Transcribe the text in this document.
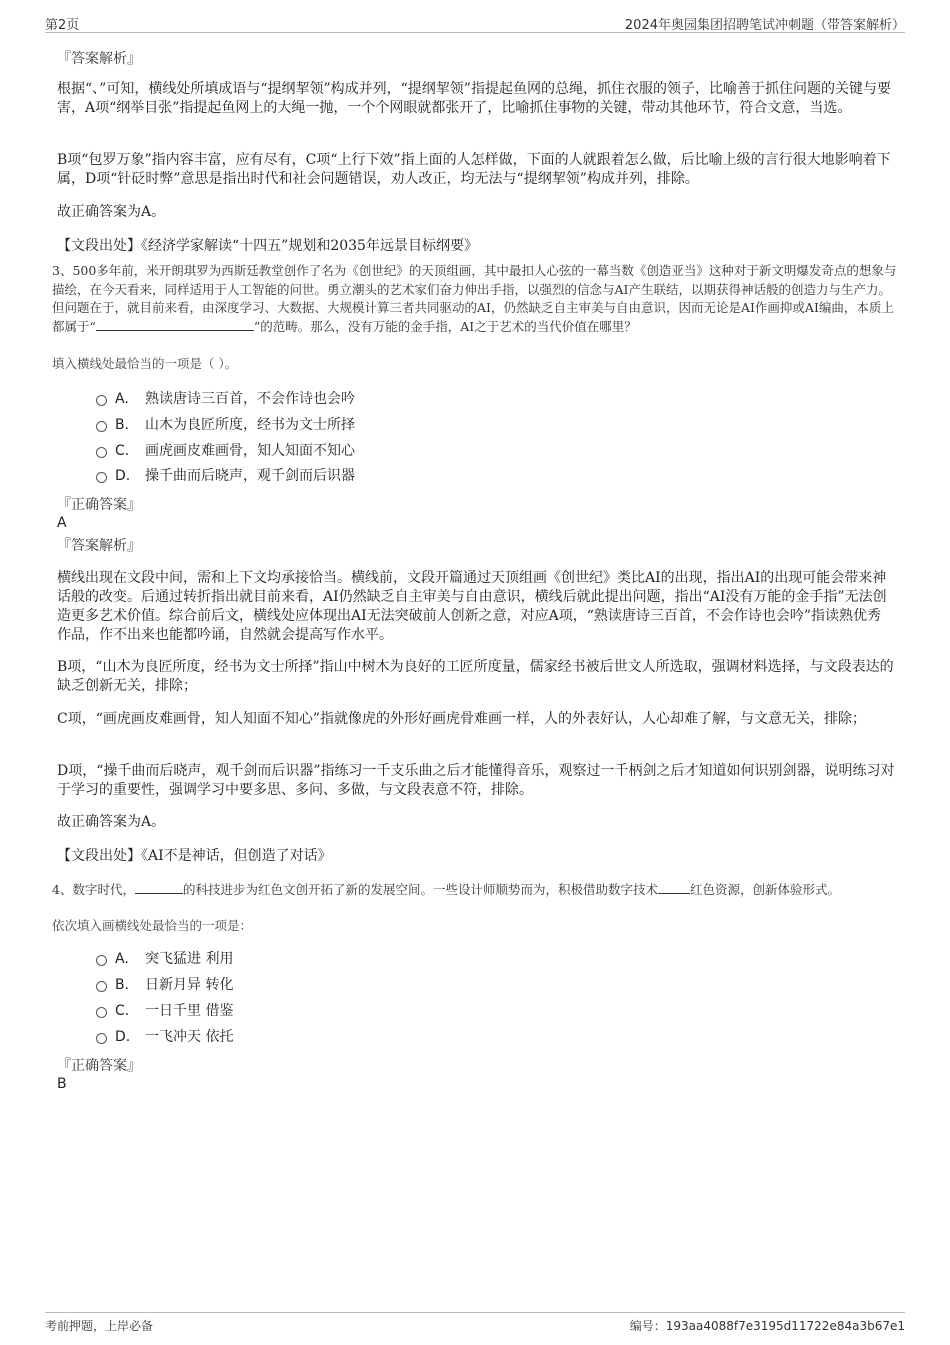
第2页	2024年奥园集团招聘笔试冲刺题（带答案解析）
『答案解析』
根据“、”可知，横线处所填成语与“提纲挈领”构成并列，“提纲挈领”指提起鱼网的总绳，抓住衣服的领子，比喻善于抓住问题的关键与要害，A项“纲举目张”指提起鱼网上的大绳一抛，一个个网眼就都张开了，比喻抓住事物的关键，带动其他环节，符合文意，当选。
B项“包罗万象”指内容丰富，应有尽有，C项“上行下效”指上面的人怎样做，下面的人就跟着怎么做，后比喻上级的言行很大地影响着下属，D项“针砭时弊”意思是指出时代和社会问题错误，劝人改正，均无法与“提纲挈领”构成并列，排除。
故正确答案为A。
【文段出处】《经济学家解读“十四五”规划和2035年远景目标纲要》
3、500多年前，米开朗琪罗为西斯廷教堂创作了名为《创世纪》的天顶组画，其中最扣人心弦的一幕当数《创造亚当》这种对于新文明爆发奇点的想象与描绘，在今天看来，同样适用于人工智能的问世。勇立潮头的艺术家们奋力伸出手指，以强烈的信念与AI产生联结，以期获得神话般的创造力与生产力。但问题在于，就目前来看，由深度学习、大数据、大规模计算三者共同驱动的AI，仍然缺乏自主审美与自由意识，因而无论是AI作画抑或AI编曲，本质上都属于“	”的范畴。那么，没有万能的金手指，AI之于艺术的当代价值在哪里？
填入横线处最恰当的一项是（ ）。
A. 熟读唐诗三百首，不会作诗也会吟
B. 山木为良匠所度，经书为文士所择
C. 画虎画皮难画骨，知人知面不知心
D. 操千曲而后晓声，观千剑而后识器
『正确答案』
A
『答案解析』
横线出现在文段中间，需和上下文均承接恰当。横线前，文段开篇通过天顶组画《创世纪》类比AI的出现，指出AI的出现可能会带来神话般的改变。后通过转折指出就目前来看，AI仍然缺乏自主审美与自由意识，横线后就此提出问题，指出“AI没有万能的金手指”无法创造更多艺术价值。综合前后文，横线处应体现出AI无法突破前人创新之意，对应A项，“熟读唐诗三百首，不会作诗也会吟”指读熟优秀作品，作不出来也能都吟诵，自然就会提高写作水平。
B项，“山木为良匠所度，经书为文士所择”指山中树木为良好的工匠所度量，儒家经书被后世文人所选取，强调材料选择，与文段表达的缺乏创新无关，排除；
C项，“画虎画皮难画骨，知人知面不知心”指就像虎的外形好画虎骨难画一样，人的外表好认，人心却难了解，与文意无关，排除；
D项，“操千曲而后晓声，观千剑而后识器”指练习一千支乐曲之后才能懂得音乐，观察过一千柄剑之后才知道如何识别剑器，说明练习对于学习的重要性，强调学习中要多思、多问、多做，与文段表意不符，排除。
故正确答案为A。
【文段出处】《AI不是神话，但创造了对话》
4、数字时代，	的科技进步为红色文创开拓了新的发展空间。一些设计师顺势而为，积极借助数字技术	红色资源，创新体验形式。
依次填入画横线处最恰当的一项是：
A. 突飞猛进 利用
B. 日新月异 转化
C. 一日千里 借鉴
D. 一飞冲天 依托
『正确答案』
B
考前押题，上岸必备	编号：193aa4088f7e3195d11722e84a3b67e1
